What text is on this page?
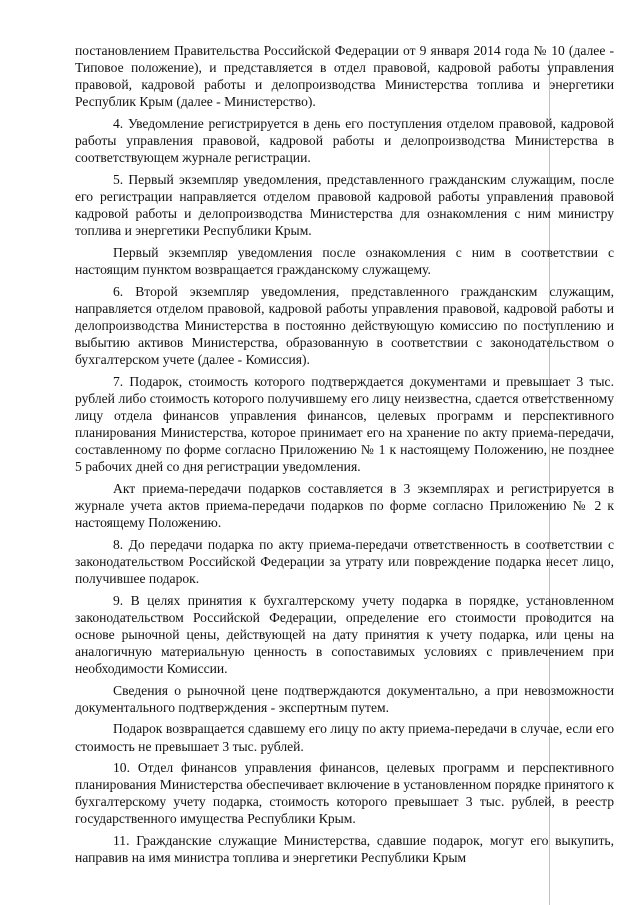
постановлением Правительства Российской Федерации от 9 января 2014 года № 10 (далее - Типовое положение), и представляется в отдел правовой, кадровой работы управления правовой, кадровой работы и делопроизводства Министерства топлива и энергетики Республик Крым (далее - Министерство).

4. Уведомление регистрируется в день его поступления отделом правовой, кадровой работы управления правовой, кадровой работы и делопроизводства Министерства в соответствующем журнале регистрации.

5. Первый экземпляр уведомления, представленного гражданским служащим, после его регистрации направляется отделом правовой кадровой работы управления правовой кадровой работы и делопроизводства Министерства для ознакомления с ним министру топлива и энергетики Республики Крым.

Первый экземпляр уведомления после ознакомления с ним в соответствии с настоящим пунктом возвращается гражданскому служащему.

6. Второй экземпляр уведомления, представленного гражданским служащим, направляется отделом правовой, кадровой работы управления правовой, кадровой работы и делопроизводства Министерства в постоянно действующую комиссию по поступлению и выбытию активов Министерства, образованную в соответствии с законодательством о бухгалтерском учете (далее - Комиссия).

7. Подарок, стоимость которого подтверждается документами и превышает 3 тыс. рублей либо стоимость которого получившему его лицу неизвестна, сдается ответственному лицу отдела финансов управления финансов, целевых программ и перспективного планирования Министерства, которое принимает его на хранение по акту приема-передачи, составленному по форме согласно Приложению № 1 к настоящему Положению, не позднее 5 рабочих дней со дня регистрации уведомления.

Акт приема-передачи подарков составляется в 3 экземплярах и регистрируется в журнале учета актов приема-передачи подарков по форме согласно Приложению № 2 к настоящему Положению.

8. До передачи подарка по акту приема-передачи ответственность в соответствии с законодательством Российской Федерации за утрату или повреждение подарка несет лицо, получившее подарок.

9. В целях принятия к бухгалтерскому учету подарка в порядке, установленном законодательством Российской Федерации, определение его стоимости проводится на основе рыночной цены, действующей на дату принятия к учету подарка, или цены на аналогичную материальную ценность в сопоставимых условиях с привлечением при необходимости Комиссии.

Сведения о рыночной цене подтверждаются документально, а при невозможности документального подтверждения - экспертным путем.

Подарок возвращается сдавшему его лицу по акту приема-передачи в случае, если его стоимость не превышает 3 тыс. рублей.

10. Отдел финансов управления финансов, целевых программ и перспективного планирования Министерства обеспечивает включение в установленном порядке принятого к бухгалтерскому учету подарка, стоимость которого превышает 3 тыс. рублей, в реестр государственного имущества Республики Крым.

11. Гражданские служащие Министерства, сдавшие подарок, могут его выкупить, направив на имя министра топлива и энергетики Республики Крым
